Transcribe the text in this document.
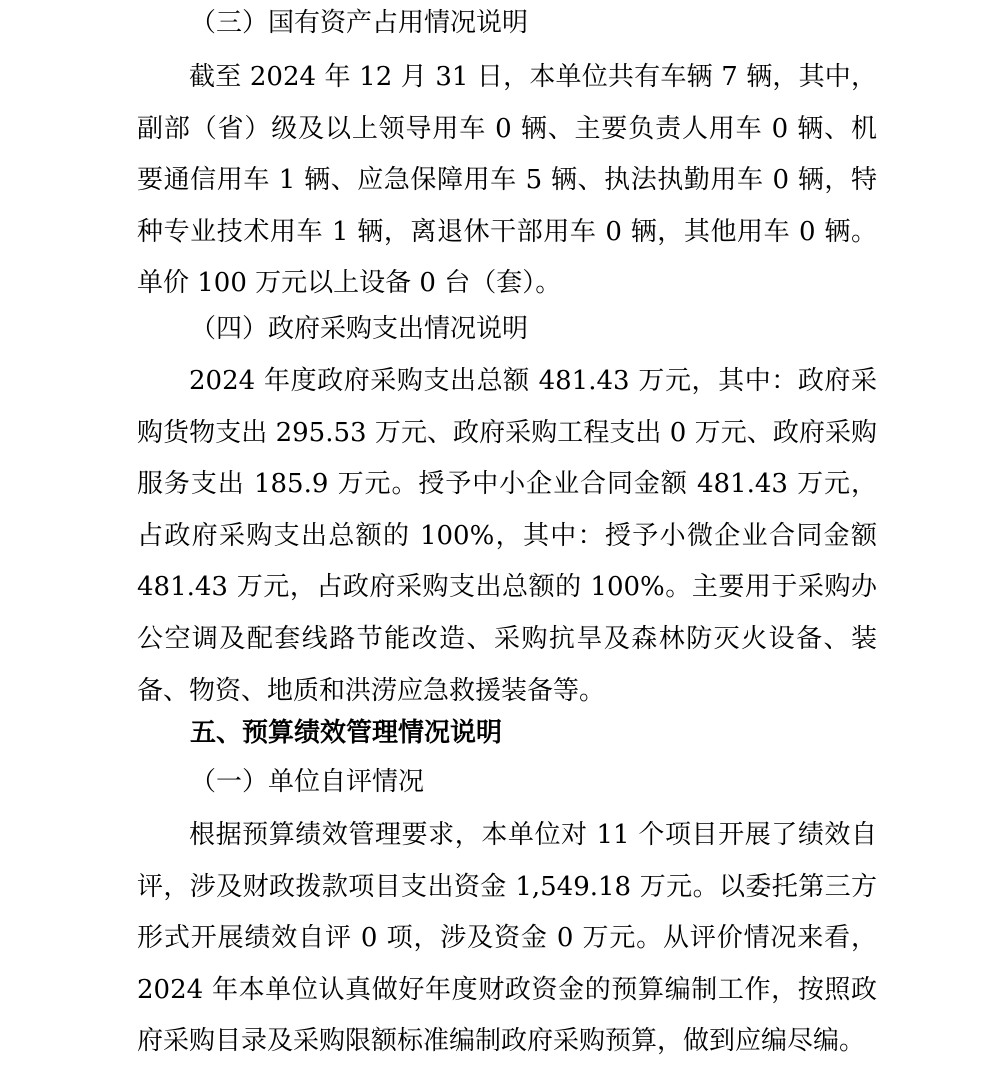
（三）国有资产占用情况说明

截至 2024 年 12 月 31 日，本单位共有车辆 7 辆，其中，副部（省）级及以上领导用车 0 辆、主要负责人用车 0 辆、机要通信用车 1 辆、应急保障用车 5 辆、执法执勤用车 0 辆，特种专业技术用车 1 辆，离退休干部用车 0 辆，其他用车 0 辆。单价 100 万元以上设备 0 台（套）。

（四）政府采购支出情况说明

2024 年度政府采购支出总额 481.43 万元，其中：政府采购货物支出 295.53 万元、政府采购工程支出 0 万元、政府采购服务支出 185.9 万元。授予中小企业合同金额 481.43 万元，占政府采购支出总额的 100%，其中：授予小微企业合同金额 481.43 万元，占政府采购支出总额的 100%。主要用于采购办公空调及配套线路节能改造、采购抗旱及森林防灭火设备、装备、物资、地质和洪涝应急救援装备等。

五、预算绩效管理情况说明
（一）单位自评情况

根据预算绩效管理要求，本单位对 11 个项目开展了绩效自评，涉及财政拨款项目支出资金 1,549.18 万元。以委托第三方形式开展绩效自评 0 项，涉及资金 0 万元。从评价情况来看，2024 年本单位认真做好年度财政资金的预算编制工作，按照政府采购目录及采购限额标准编制政府采购预算，做到应编尽编。
